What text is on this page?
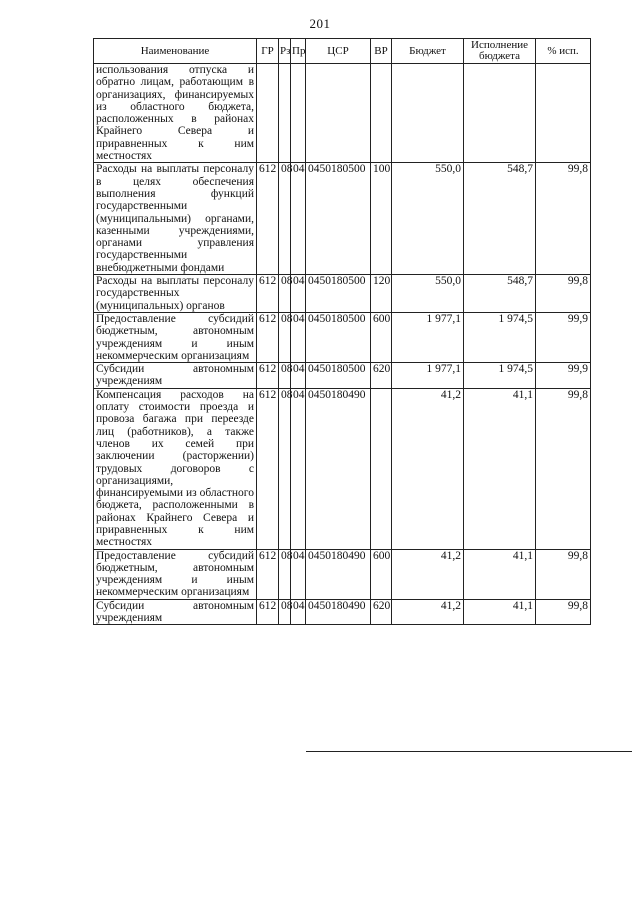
201
Наименование	ГР	Рз	Пр	ЦСР	ВР	Бюджет	Исполнение бюджета	% исп.
использования отпуска и обратно лицам, работающим в организациях, финансируемых из областного бюджета, расположенных в районах Крайнего Севера и приравненных к ним местностях								
Расходы на выплаты персоналу в целях обеспечения выполнения функций государственными (муниципальными) органами, казенными учреждениями, органами управления государственными внебюджетными фондами	612	08	04	0450180500	100	550,0	548,7	99,8
Расходы на выплаты персоналу государственных (муниципальных) органов	612	08	04	0450180500	120	550,0	548,7	99,8
Предоставление субсидий бюджетным, автономным учреждениям и иным некоммерческим организациям	612	08	04	0450180500	600	1 977,1	1 974,5	99,9
Субсидии автономным учреждениям	612	08	04	0450180500	620	1 977,1	1 974,5	99,9
Компенсация расходов на оплату стоимости проезда и провоза багажа при переезде лиц (работников), а также членов их семей при заключении (расторжении) трудовых договоров с организациями, финансируемыми из областного бюджета, расположенными в районах Крайнего Севера и приравненных к ним местностях	612	08	04	0450180490		41,2	41,1	99,8
Предоставление субсидий бюджетным, автономным учреждениям и иным некоммерческим организациям	612	08	04	0450180490	600	41,2	41,1	99,8
Субсидии автономным учреждениям	612	08	04	0450180490	620	41,2	41,1	99,8
